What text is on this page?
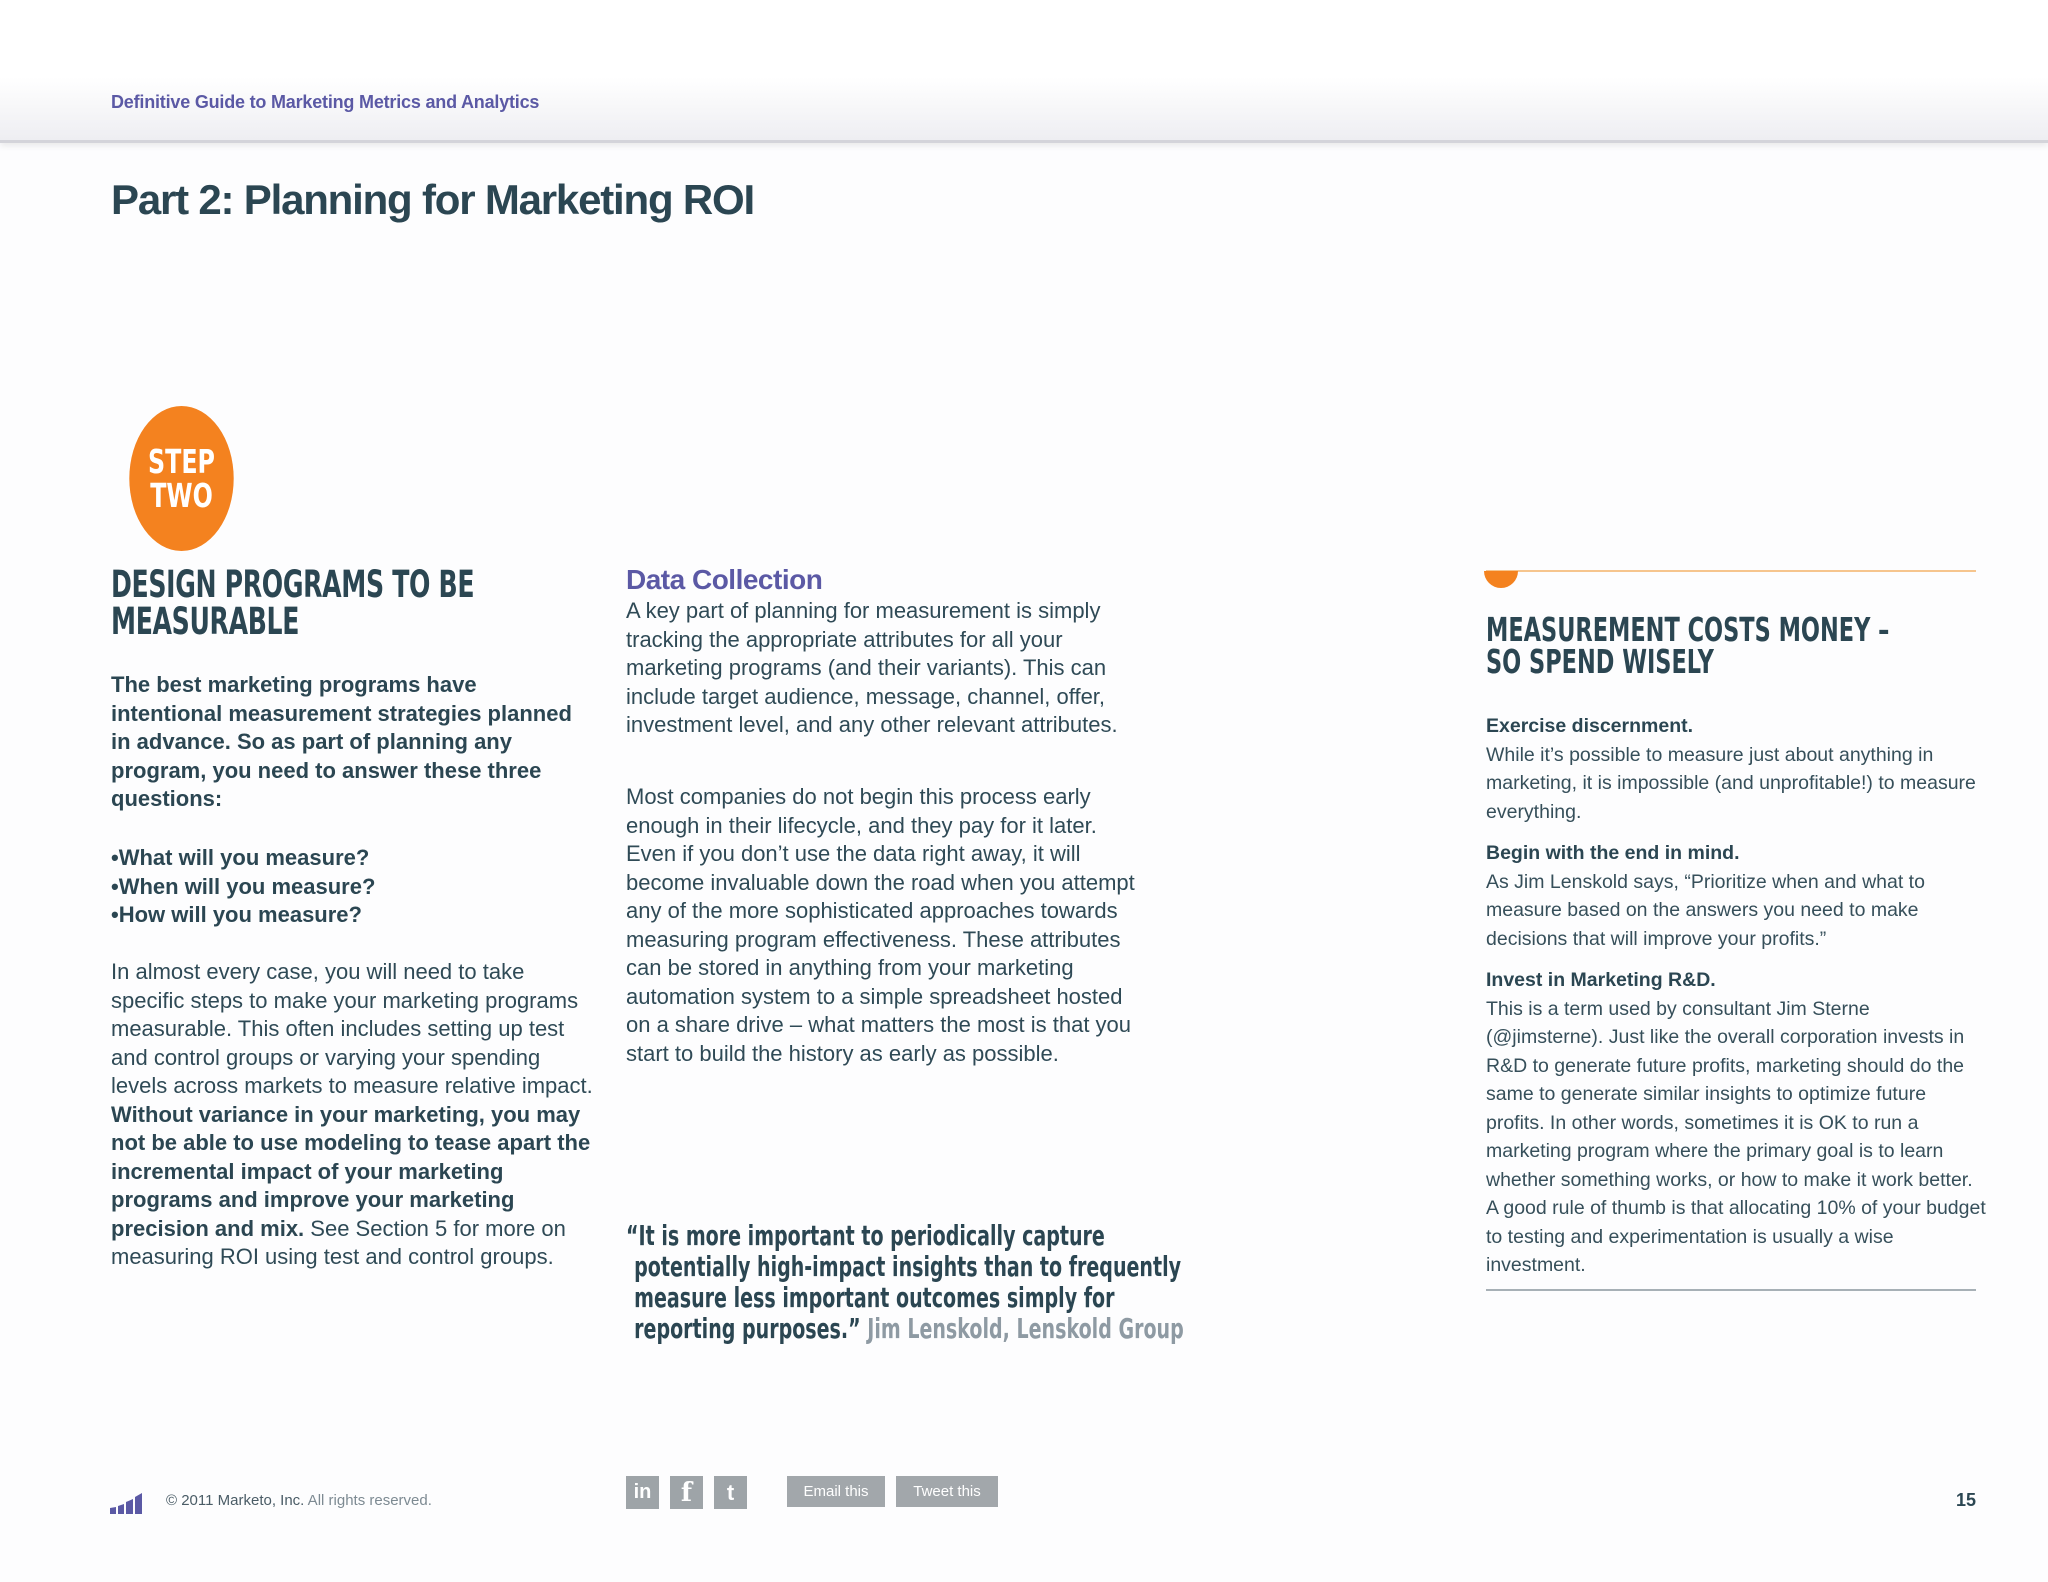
Definitive Guide to Marketing Metrics and Analytics
Part 2: Planning for Marketing ROI
STEP
TWO
DESIGN PROGRAMS TO BE
MEASURABLE
The best marketing programs have intentional measurement strategies planned in advance. So as part of planning any program, you need to answer these three questions:
• What will you measure?
• When will you measure?
• How will you measure?
In almost every case, you will need to take specific steps to make your marketing programs measurable. This often includes setting up test and control groups or varying your spending levels across markets to measure relative impact. Without variance in your marketing, you may not be able to use modeling to tease apart the incremental impact of your marketing programs and improve your marketing precision and mix. See Section 5 for more on measuring ROI using test and control groups.
Data Collection
A key part of planning for measurement is simply tracking the appropriate attributes for all your marketing programs (and their variants). This can include target audience, message, channel, offer, investment level, and any other relevant attributes.
Most companies do not begin this process early enough in their lifecycle, and they pay for it later. Even if you don’t use the data right away, it will become invaluable down the road when you attempt any of the more sophisticated approaches towards measuring program effectiveness. These attributes can be stored in anything from your marketing automation system to a simple spreadsheet hosted on a share drive – what matters the most is that you start to build the history as early as possible.
“It is more important to periodically capture
potentially high-impact insights than to frequently
measure less important outcomes simply for
reporting purposes.” Jim Lenskold, Lenskold Group
MEASUREMENT COSTS MONEY –
SO SPEND WISELY
Exercise discernment.
While it’s possible to measure just about anything in marketing, it is impossible (and unprofitable!) to measure everything.
Begin with the end in mind.
As Jim Lenskold says, “Prioritize when and what to measure based on the answers you need to make decisions that will improve your profits.”
Invest in Marketing R&D.
This is a term used by consultant Jim Sterne (@jimsterne). Just like the overall corporation invests in R&D to generate future profits, marketing should do the same to generate similar insights to optimize future profits. In other words, sometimes it is OK to run a marketing program where the primary goal is to learn whether something works, or how to make it work better. A good rule of thumb is that allocating 10% of your budget to testing and experimentation is usually a wise investment.
© 2011 Marketo, Inc. All rights reserved.	in	f	t	Email this	Tweet this	15
